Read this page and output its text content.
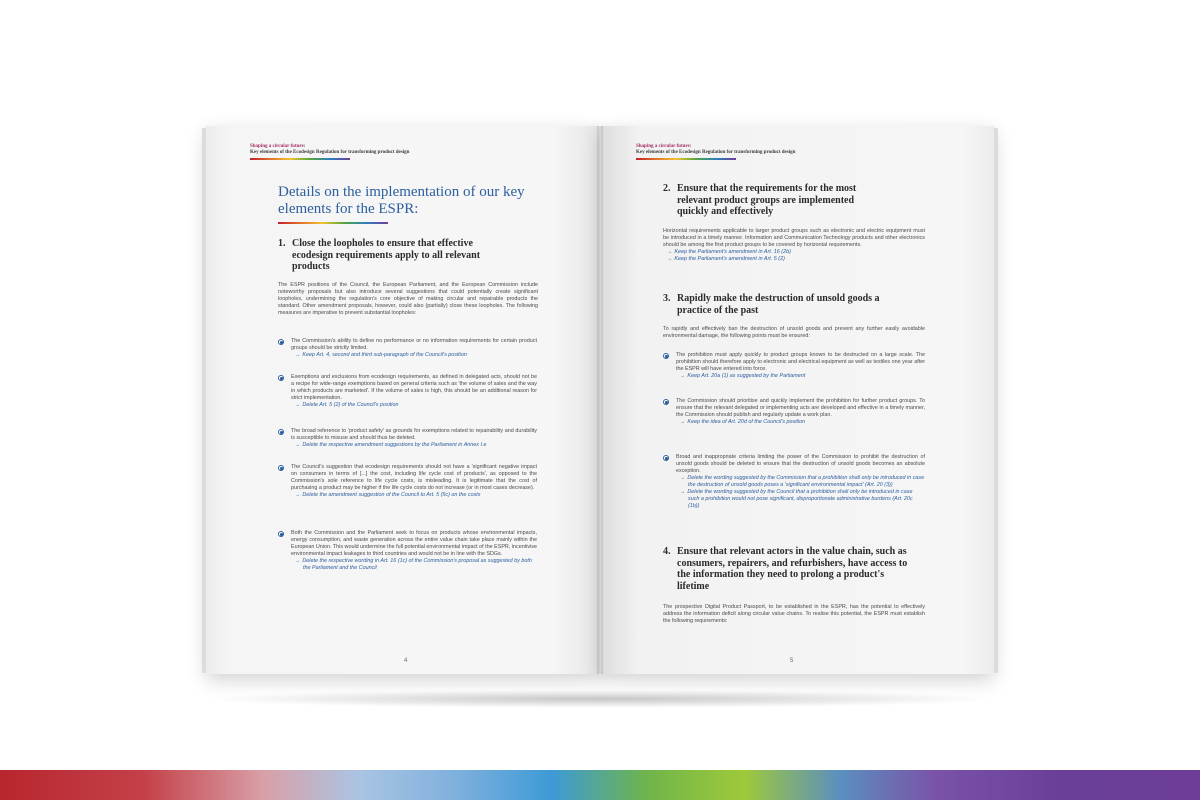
Shaping a circular future:
Key elements of the Ecodesign Regulation for transforming product design
Details on the implementation of our key elements for the ESPR:
1. Close the loopholes to ensure that effective ecodesign requirements apply to all relevant products
The ESPR positions of the Council, the European Parliament, and the European Commission include noteworthy proposals but also introduce several suggestions that could potentially create significant loopholes, undermining the regulation's core objective of making circular and repairable products the standard. Other amendment proposals, however, could also (partially) close these loopholes. The following measures are imperative to prevent substantial loopholes:
The Commission's ability to define no performance or no information requirements for certain product groups should be strictly limited.
→ Keep Art. 4, second and third sub-paragraph of the Council's position
Exemptions and exclusions from ecodesign requirements, as defined in delegated acts, should not be a recipe for wide-range exemptions based on general criteria such as 'the volume of sales and the way in which products are marketed'. If the volume of sales is high, this should be an additional reason for strict implementation.
→ Delete Art. 5 (2) of the Council's position
The broad reference to 'product safety' as grounds for exemptions related to repairability and durability is susceptible to misuse and should thus be deleted.
→ Delete the respective amendment suggestions by the Parliament in Annex I.e
The Council's suggestion that ecodesign requirements should not have a 'significant negative impact on consumers in terms of [...] the cost, including life cycle cost of products', as opposed to the Commission's sole reference to life cycle costs, is misleading. It is legitimate that the cost of purchasing a product may be higher if the life cycle costs do not increase (or in most cases decrease).
→ Delete the amendment suggestion of the Council to Art. 5 (5c) on the costs
Both the Commission and the Parliament seek to focus on products whose environmental impacts, energy consumption, and waste generation across the entire value chain take place mainly within the European Union. This would undermine the full potential environmental impact of the ESPR, incentivise environmental impact leakages to third countries and would not be in line with the SDGs.
→ Delete the respective wording in Art. 16 (1c) of the Commission's proposal as suggested by both the Parliament and the Council
4
Shaping a circular future:
Key elements of the Ecodesign Regulation for transforming product design
2. Ensure that the requirements for the most relevant product groups are implemented quickly and effectively
Horizontal requirements applicable to larger product groups such as electronic and electric equipment must be introduced in a timely manner. Information and Communication Technology products and other electronics should be among the first product groups to be covered by horizontal requirements.
→ Keep the Parliament's amendment in Art. 16 (2b)
→ Keep the Parliament's amendment in Art. 5 (2)
3. Rapidly make the destruction of unsold goods a practice of the past
To rapidly and effectively ban the destruction of unsold goods and prevent any further easily avoidable environmental damage, the following points must be ensured:
The prohibition must apply quickly to product groups known to be destructed on a large scale. The prohibition should therefore apply to electronic and electrical equipment as well as textiles one year after the ESPR will have entered into force.
→ Keep Art. 20a (1) as suggested by the Parliament
The Commission should prioritise and quickly implement the prohibition for further product groups. To ensure that the relevant delegated or implementing acts are developed and effective in a timely manner, the Commission should publish and regularly update a work plan.
→ Keep the idea of Art. 20d of the Council's position
Broad and inappropriate criteria limiting the power of the Commission to prohibit the destruction of unsold goods should be deleted to ensure that the destruction of unsold goods becomes an absolute exception.
→ Delete the wording suggested by the Commission that a prohibition shall only be introduced in case the destruction of unsold goods poses a 'significant environmental impact' (Art. 20 (3))
→ Delete the wording suggested by the Council that a prohibition shall only be introduced in case such a prohibition would not pose significant, disproportionate administrative burdens (Art. 20c (1b))
4. Ensure that relevant actors in the value chain, such as consumers, repairers, and refurbishers, have access to the information they need to prolong a product's lifetime
The prospective Digital Product Passport, to be established in the ESPR, has the potential to effectively address the information deficit along circular value chains. To realise this potential, the ESPR must establish the following requirements:
5
